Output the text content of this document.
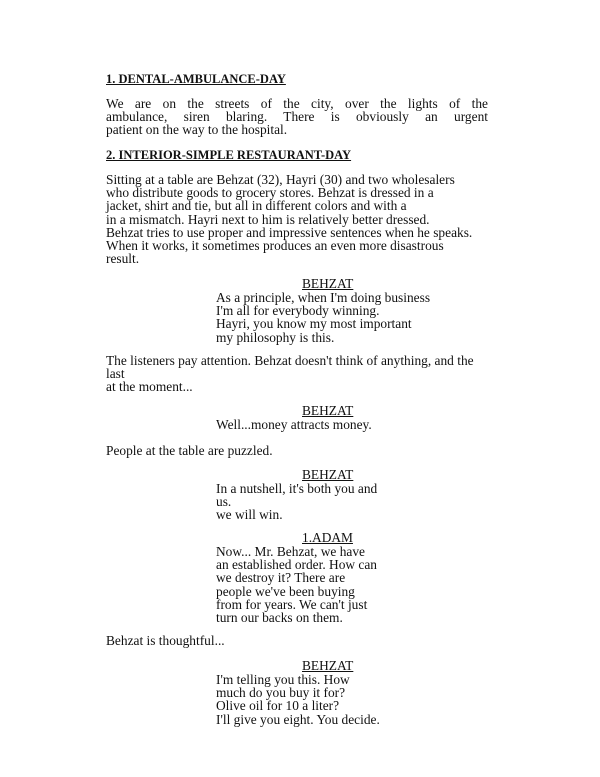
1. DENTAL-AMBULANCE-DAY
We are on the streets of the city, over the lights of the
ambulance, siren blaring. There is obviously an urgent
patient on the way to the hospital.
2. INTERIOR-SIMPLE RESTAURANT-DAY
Sitting at a table are Behzat (32), Hayri (30) and two wholesalers
who distribute goods to grocery stores. Behzat is dressed in a
jacket, shirt and tie, but all in different colors and with a
in a mismatch. Hayri next to him is relatively better dressed.
Behzat tries to use proper and impressive sentences when he speaks.
When it works, it sometimes produces an even more disastrous
result.
BEHZAT
As a principle, when I'm doing business
I'm all for everybody winning.
Hayri, you know my most important
my philosophy is this.
The listeners pay attention. Behzat doesn't think of anything, and the
last
at the moment...
BEHZAT
Well...money attracts money.
People at the table are puzzled.
BEHZAT
In a nutshell, it's both you and
us.
we will win.
1.ADAM
Now... Mr. Behzat, we have
an established order. How can
we destroy it? There are
people we've been buying
from for years. We can't just
turn our backs on them.
Behzat is thoughtful...
BEHZAT
I'm telling you this. How
much do you buy it for?
Olive oil for 10 a liter?
I'll give you eight. You decide.
